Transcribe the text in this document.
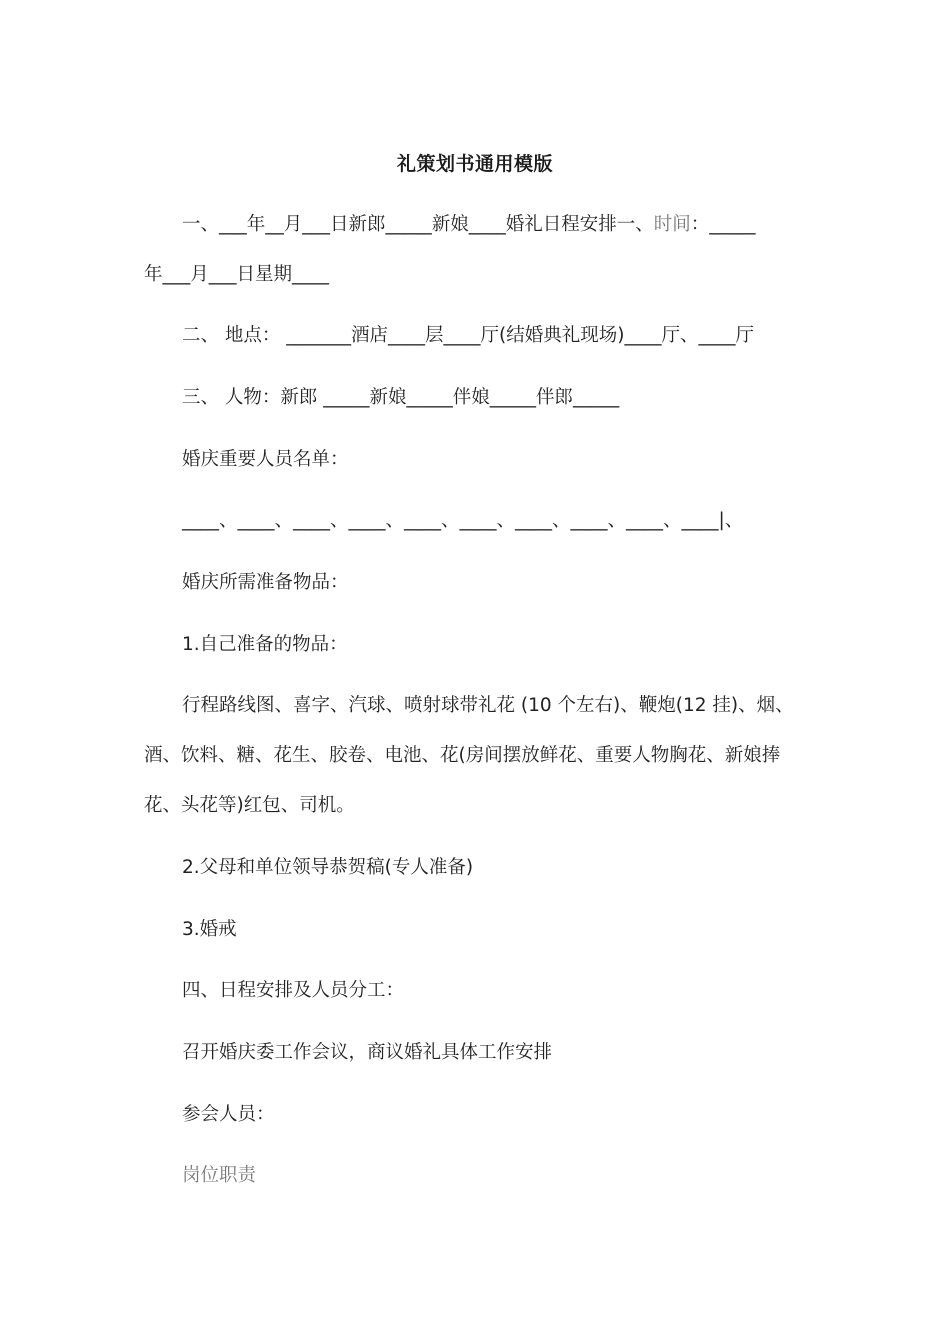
礼策划书通用模版
一、___年__月___日新郎_____新娘____婚礼日程安排一、时间：_____
年___月___日星期____
二、 地点： _______酒店____层____厅(结婚典礼现场)____厅、____厅
三、 人物：新郎 _____新娘_____伴娘_____伴郎_____
婚庆重要人员名单：
____、____、____、____、____、____、____、____、____、____|、
婚庆所需准备物品：
1.自己准备的物品：
行程路线图、喜字、汽球、喷射球带礼花 (10 个左右)、鞭炮(12 挂)、烟、
酒、饮料、糖、花生、胶卷、电池、花(房间摆放鲜花、重要人物胸花、新娘捧
花、头花等)红包、司机。
2.父母和单位领导恭贺稿(专人准备)
3.婚戒
四、日程安排及人员分工：
召开婚庆委工作会议，商议婚礼具体工作安排
参会人员：
岗位职责
